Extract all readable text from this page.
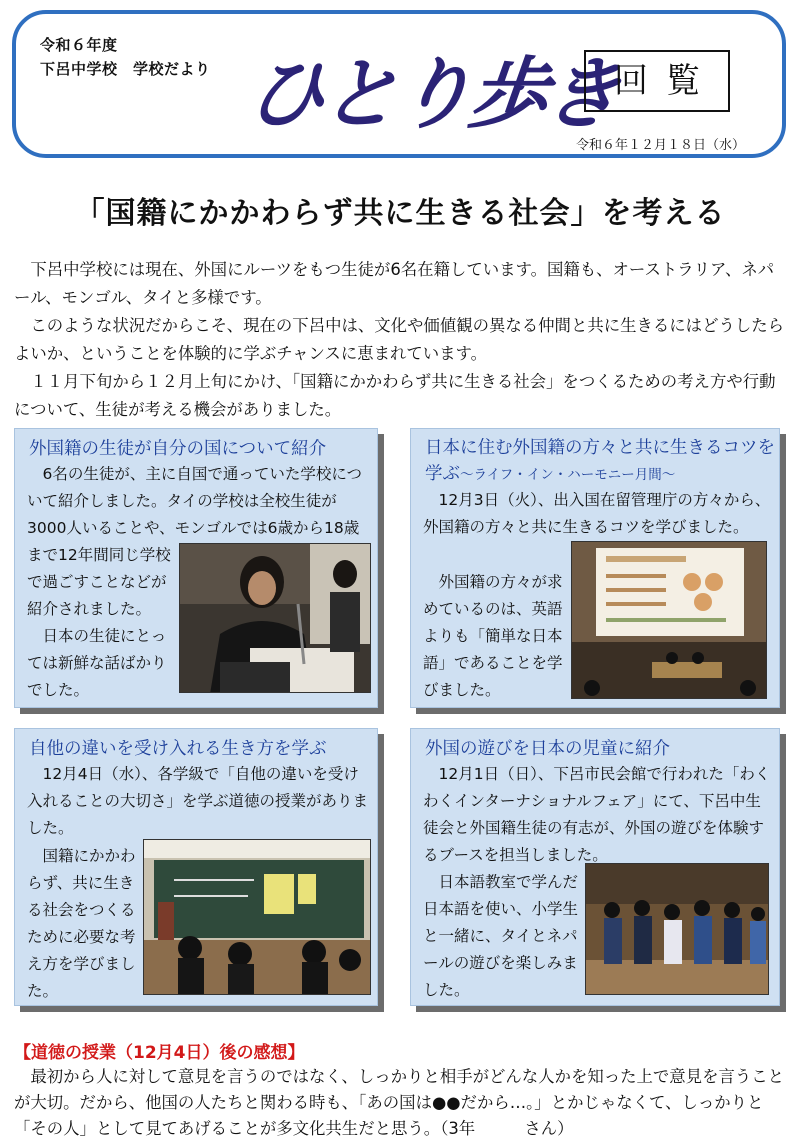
令和６年度
下呂中学校　学校だより ひとり歩き
回覧
令和６年１２月１８日（水）
「国籍にかかわらず共に生きる社会」を考える

下呂中学校には現在、外国にルーツをもつ生徒が6名在籍しています。国籍も、オーストラリア、ネパール、モンゴル、タイと多様です。

このような状況だからこそ、現在の下呂中は、文化や価値観の異なる仲間と共に生きるにはどうしたらよいか、ということを体験的に学ぶチャンスに恵まれています。

１１月下旬から１２月上旬にかけ、「国籍にかかわらず共に生きる社会」をつくるための考え方や行動について、生徒が考える機会がありました。

外国籍の生徒が自分の国について紹介
6名の生徒が、主に自国で通っていた学校について紹介しました。タイの学校は全校生徒が3000人いることや、モンゴルでは6歳から18歳
まで12年間同じ学校で過ごすことなどが紹介されました。
日本の生徒にとっては新鮮な話ばかりでした。
日本に住む外国籍の方々と共に生きるコツを学ぶ〜ライフ・イン・ハーモニー月間〜
12月3日（火）、出入国在留管理庁の方々から、外国籍の方々と共に生きるコツを学びました。
外国籍の方々が求めているのは、英語よりも「簡単な日本語」であることを学びました。
自他の違いを受け入れる生き方を学ぶ
12月4日（水）、各学級で「自他の違いを受け入れることの大切さ」を学ぶ道徳の授業がありました。
国籍にかかわらず、共に生きる社会をつくるために必要な考え方を学びました。
外国の遊びを日本の児童に紹介
12月1日（日）、下呂市民会館で行われた「わくわくインターナショナルフェア」にて、下呂中生徒会と外国籍生徒の有志が、外国の遊びを体験するブースを担当しました。
日本語教室で学んだ日本語を使い、小学生と一緒に、タイとネパールの遊びを楽しみました。
【道徳の授業（12月4日）後の感想】

最初から人に対して意見を言うのではなく、しっかりと相手がどんな人かを知った上で意見を言うことが大切。だから、他国の人たちと関わる時も、「あの国は●●だから…。」とかじゃなくて、しっかりと「その人」として見てあげることが多文化共生だと思う。（3年　　　さん）
